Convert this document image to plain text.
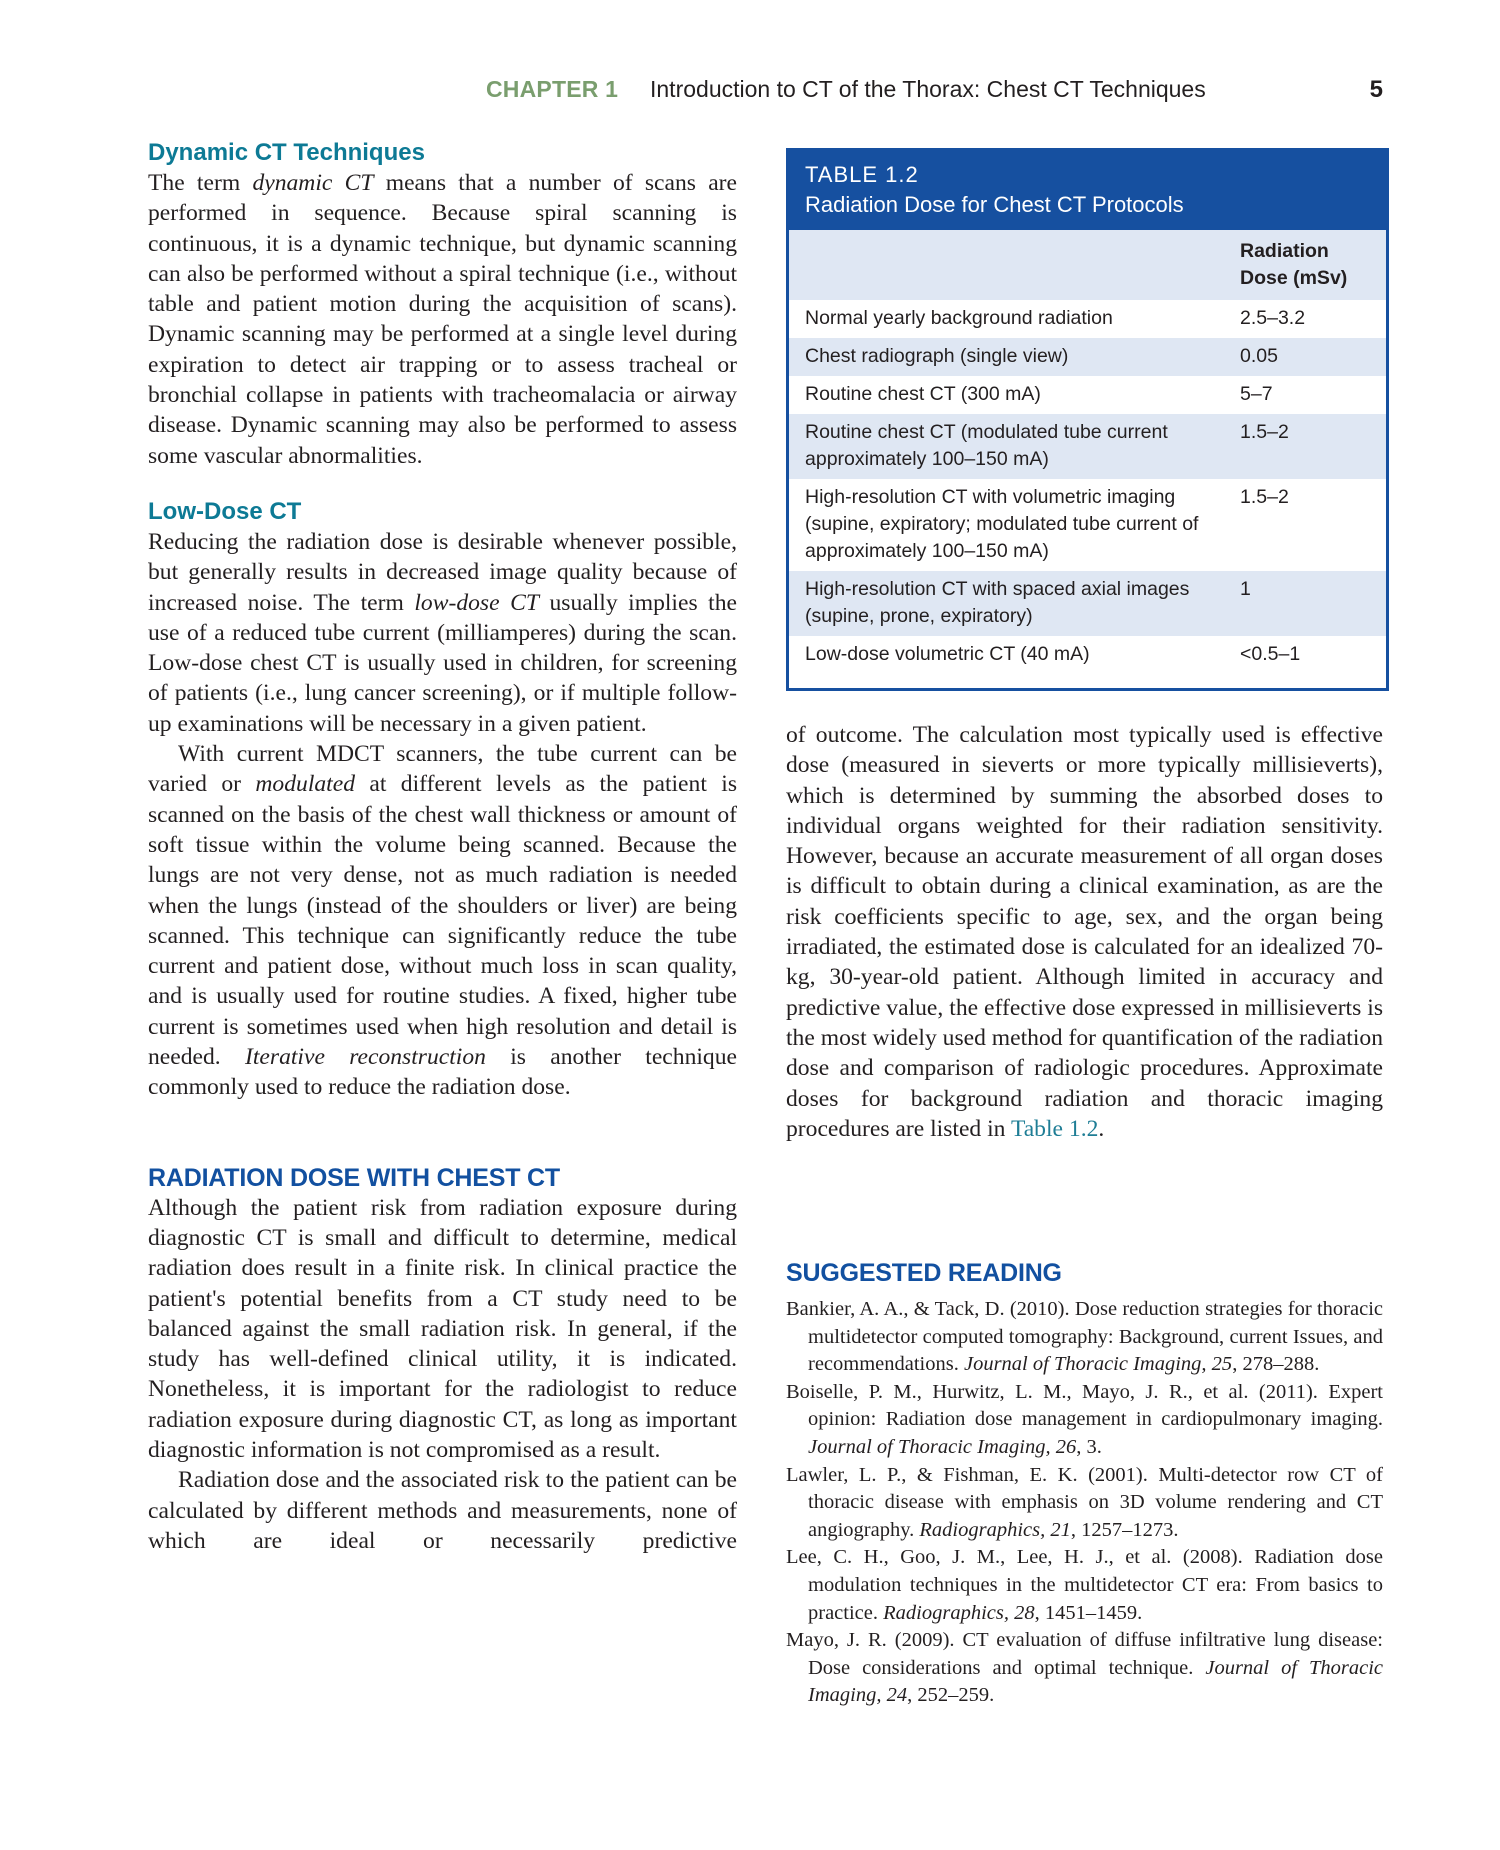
CHAPTER 1 Introduction to CT of the Thorax: Chest CT Techniques	5
Dynamic CT Techniques

The term dynamic CT means that a number of scans are performed in sequence. Because spiral scanning is continuous, it is a dynamic technique, but dynamic scanning can also be performed without a spiral technique (i.e., without table and patient motion during the acquisition of scans). Dynamic scanning may be performed at a single level during expiration to detect air trapping or to assess tracheal or bronchial collapse in patients with tracheomalacia or airway disease. Dynamic scanning may also be performed to assess some vascular abnormalities.

Low-Dose CT

Reducing the radiation dose is desirable whenever possible, but generally results in decreased image quality because of increased noise. The term low-dose CT usually implies the use of a reduced tube current (milliamperes) during the scan. Low-dose chest CT is usually used in children, for screening of patients (i.e., lung cancer screening), or if multiple follow-up examinations will be necessary in a given patient.

With current MDCT scanners, the tube current can be varied or modulated at different levels as the patient is scanned on the basis of the chest wall thickness or amount of soft tissue within the volume being scanned. Because the lungs are not very dense, not as much radiation is needed when the lungs (instead of the shoulders or liver) are being scanned. This technique can significantly reduce the tube current and patient dose, without much loss in scan quality, and is usually used for routine studies. A fixed, higher tube current is sometimes used when high resolution and detail is needed. Iterative reconstruction is another technique commonly used to reduce the radiation dose.

RADIATION DOSE WITH CHEST CT

Although the patient risk from radiation exposure during diagnostic CT is small and difficult to determine, medical radiation does result in a finite risk. In clinical practice the patient's potential benefits from a CT study need to be balanced against the small radiation risk. In general, if the study has well-defined clinical utility, it is indicated. Nonetheless, it is important for the radiologist to reduce radiation exposure during diagnostic CT, as long as important diagnostic information is not compromised as a result.

Radiation dose and the associated risk to the patient can be calculated by different methods and measurements, none of which are ideal or necessarily predictive

TABLE 1.2
Radiation Dose for Chest CT Protocols
	Radiation
Dose (mSv)
Normal yearly background radiation	2.5–3.2
Chest radiograph (single view)	0.05
Routine chest CT (300 mA)	5–7
Routine chest CT (modulated tube current approximately 100–150 mA)	1.5–2
High-resolution CT with volumetric imaging (supine, expiratory; modulated tube current of approximately 100–150 mA)	1.5–2
High-resolution CT with spaced axial images (supine, prone, expiratory)	1
Low-dose volumetric CT (40 mA)	<0.5–1

of outcome. The calculation most typically used is effective dose (measured in sieverts or more typically millisieverts), which is determined by summing the absorbed doses to individual organs weighted for their radiation sensitivity. However, because an accurate measurement of all organ doses is difficult to obtain during a clinical examination, as are the risk coefficients specific to age, sex, and the organ being irradiated, the estimated dose is calculated for an idealized 70-kg, 30-year-old patient. Although limited in accuracy and predictive value, the effective dose expressed in millisieverts is the most widely used method for quantification of the radiation dose and comparison of radiologic procedures. Approximate doses for background radiation and thoracic imaging procedures are listed in Table 1.2.

SUGGESTED READING

Bankier, A. A., & Tack, D. (2010). Dose reduction strategies for thoracic multidetector computed tomography: Background, current Issues, and recommendations. Journal of Thoracic Imaging, 25, 278–288.

Boiselle, P. M., Hurwitz, L. M., Mayo, J. R., et al. (2011). Expert opinion: Radiation dose management in cardiopulmonary imaging. Journal of Thoracic Imaging, 26, 3.

Lawler, L. P., & Fishman, E. K. (2001). Multi-detector row CT of thoracic disease with emphasis on 3D volume rendering and CT angiography. Radiographics, 21, 1257–1273.

Lee, C. H., Goo, J. M., Lee, H. J., et al. (2008). Radiation dose modulation techniques in the multidetector CT era: From basics to practice. Radiographics, 28, 1451–1459.

Mayo, J. R. (2009). CT evaluation of diffuse infiltrative lung disease: Dose considerations and optimal technique. Journal of Thoracic Imaging, 24, 252–259.
